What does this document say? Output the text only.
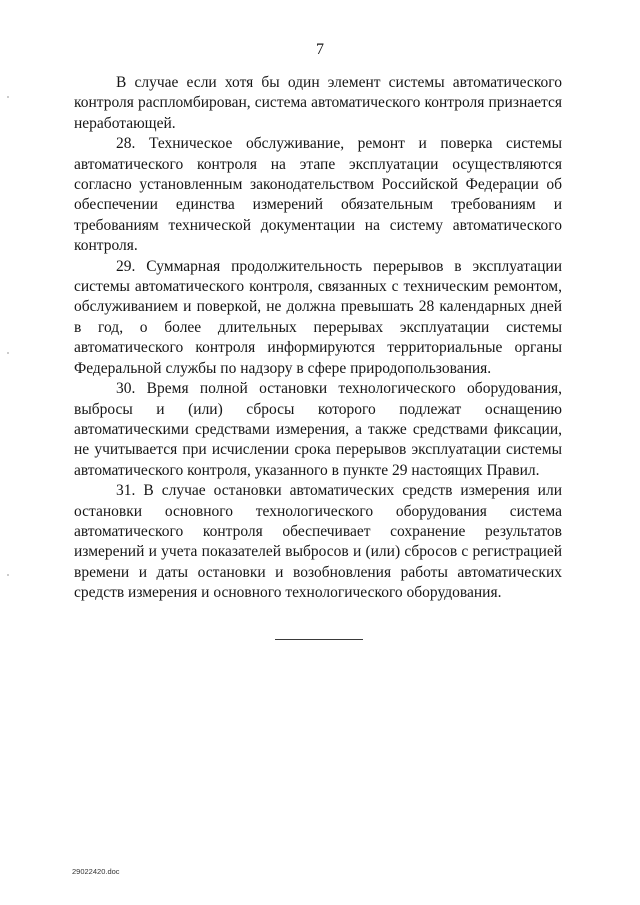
7

В случае если хотя бы один элемент системы автоматического контроля распломбирован, система автоматического контроля признается неработающей.

28. Техническое обслуживание, ремонт и поверка системы автоматического контроля на этапе эксплуатации осуществляются согласно установленным законодательством Российской Федерации об обеспечении единства измерений обязательным требованиям и требованиям технической документации на систему автоматического контроля.

29. Суммарная продолжительность перерывов в эксплуатации системы автоматического контроля, связанных с техническим ремонтом, обслуживанием и поверкой, не должна превышать 28 календарных дней в год, о более длительных перерывах эксплуатации системы автоматического контроля информируются территориальные органы Федеральной службы по надзору в сфере природопользования.

30. Время полной остановки технологического оборудования, выбросы и (или) сбросы которого подлежат оснащению автоматическими средствами измерения, а также средствами фиксации, не учитывается при исчислении срока перерывов эксплуатации системы автоматического контроля, указанного в пункте 29 настоящих Правил.

31. В случае остановки автоматических средств измерения или остановки основного технологического оборудования система автоматического контроля обеспечивает сохранение результатов измерений и учета показателей выбросов и (или) сбросов с регистрацией времени и даты остановки и возобновления работы автоматических средств измерения и основного технологического оборудования.

29022420.doc
